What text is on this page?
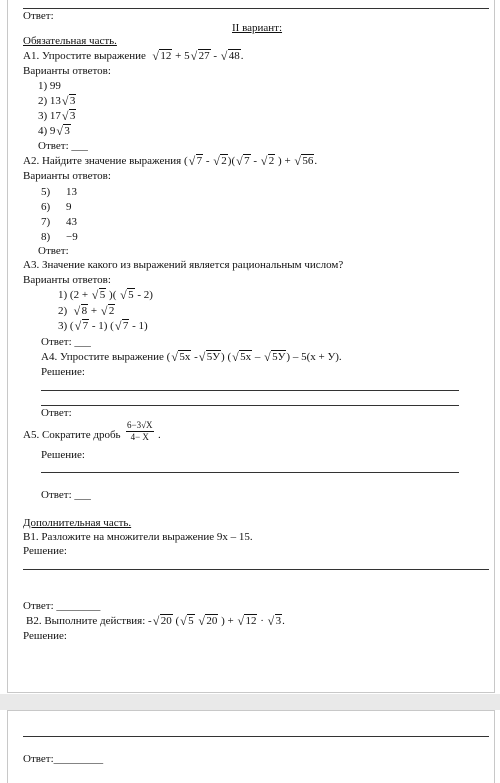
Ответ:
II вариант:
Обязательная часть.
А1. Упростите выражение √ 12 + 5 √ 27 - √ 48.
Варианты ответов:
1) 99
2) 13 √ 3
3) 17 √ 3
4) 9 √ 3
Ответ: ___
А2. Найдите значение выражения ( √ 7 - √ 2)( √ 7 - √ 2 ) + √ 56.
Варианты ответов:
5) 13
6) 9
7) 43
8) −9
Ответ:
А3. Значение какого из выражений является рациональным числом?
Варианты ответов:
1) (2 + √ 5 )( √ 5 - 2)
2) √ 8 + √ 2
3) ( √ 7 - 1) ( √ 7 - 1)
Ответ: ___
А4. Упростите выражение ( √ 5x - √ 5У) ( √ 5x – √ 5У) – 5(x + У).
Решение:
Ответ:
А5. Сократите дробь $\frac{6-3√X}{4- X}$ .
Решение:
Ответ: ___
Дополнительная часть.
В1. Разложите на множители выражение 9х – 15.
Решение:
Ответ: ________
В2. Выполните действия: - √ 20 ( √ 5 √ 20 ) + √ 12 · √ 3.
Решение:
Ответ:_________
